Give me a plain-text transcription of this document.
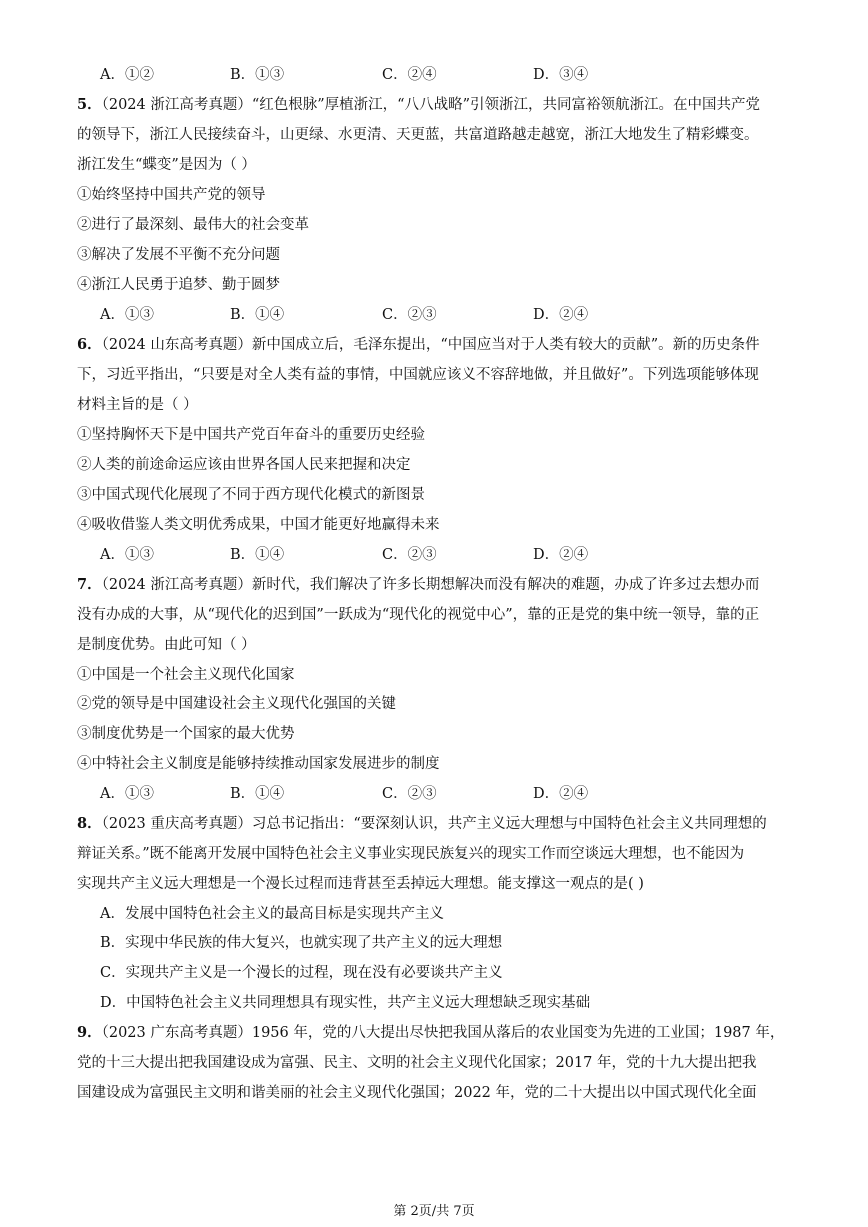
A．①②	B．①③	C．②④	D．③④
5．（2024 浙江高考真题）“红色根脉”厚植浙江，“八八战略”引领浙江，共同富裕领航浙江。在中国共产党
的领导下，浙江人民接续奋斗，山更绿、水更清、天更蓝，共富道路越走越宽，浙江大地发生了精彩蝶变。
浙江发生“蝶变”是因为（ ）
①始终坚持中国共产党的领导
②进行了最深刻、最伟大的社会变革
③解决了发展不平衡不充分问题
④浙江人民勇于追梦、勤于圆梦
A．①③	B．①④	C．②③	D．②④
6．（2024 山东高考真题）新中国成立后，毛泽东提出，“中国应当对于人类有较大的贡献”。新的历史条件
下，习近平指出，“只要是对全人类有益的事情，中国就应该义不容辞地做，并且做好”。下列选项能够体现
材料主旨的是（ ）
①坚持胸怀天下是中国共产党百年奋斗的重要历史经验
②人类的前途命运应该由世界各国人民来把握和决定
③中国式现代化展现了不同于西方现代化模式的新图景
④吸收借鉴人类文明优秀成果，中国才能更好地赢得未来
A．①③	B．①④	C．②③	D．②④
7．（2024 浙江高考真题）新时代，我们解决了许多长期想解决而没有解决的难题，办成了许多过去想办而
没有办成的大事，从“现代化的迟到国”一跃成为“现代化的视觉中心”，靠的正是党的集中统一领导，靠的正
是制度优势。由此可知（ ）
①中国是一个社会主义现代化国家
②党的领导是中国建设社会主义现代化强国的关键
③制度优势是一个国家的最大优势
④中特社会主义制度是能够持续推动国家发展进步的制度
A．①③	B．①④	C．②③	D．②④
8．（2023 重庆高考真题）习总书记指出：“要深刻认识，共产主义远大理想与中国特色社会主义共同理想的
辩证关系。”既不能离开发展中国特色社会主义事业实现民族复兴的现实工作而空谈远大理想，也不能因为
实现共产主义远大理想是一个漫长过程而违背甚至丢掉远大理想。能支撑这一观点的是( )
A．发展中国特色社会主义的最高目标是实现共产主义
B．实现中华民族的伟大复兴，也就实现了共产主义的远大理想
C．实现共产主义是一个漫长的过程，现在没有必要谈共产主义
D．中国特色社会主义共同理想具有现实性，共产主义远大理想缺乏现实基础
9．（2023 广东高考真题）1956 年，党的八大提出尽快把我国从落后的农业国变为先进的工业国；1987 年，
党的十三大提出把我国建设成为富强、民主、文明的社会主义现代化国家；2017 年，党的十九大提出把我
国建设成为富强民主文明和谐美丽的社会主义现代化强国；2022 年，党的二十大提出以中国式现代化全面
第 2页/共 7页
